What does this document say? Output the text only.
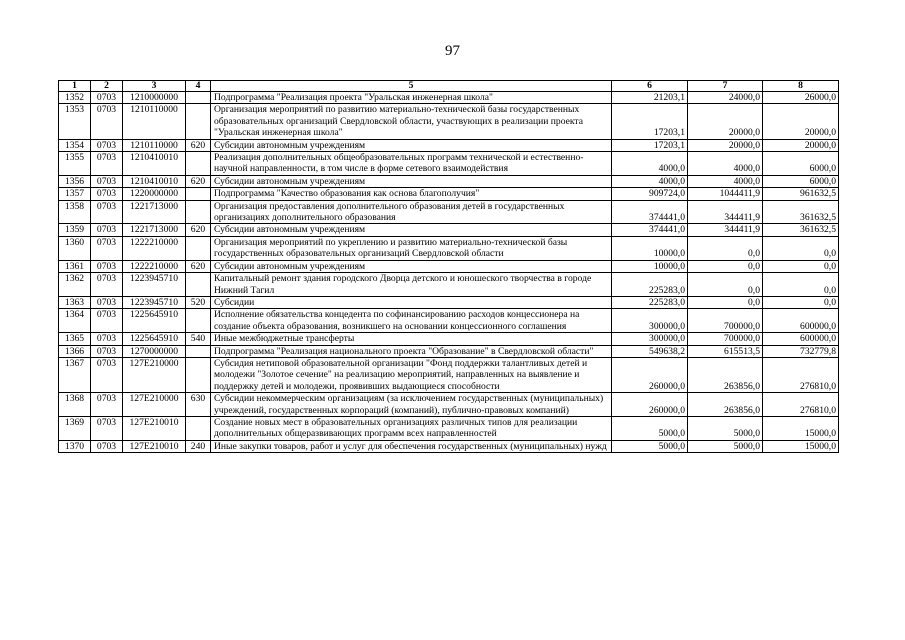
97
1	2	3	4	5	6	7	8
1352	0703	1210000000		Подпрограмма "Реализация проекта "Уральская инженерная школа"	21203,1	24000,0	26000,0
1353	0703	1210110000		Организация мероприятий по развитию материально-технической базы государственных образовательных организаций Свердловской области, участвующих в реализации проекта "Уральская инженерная школа"	17203,1	20000,0	20000,0
1354	0703	1210110000	620	Субсидии автономным учреждениям	17203,1	20000,0	20000,0
1355	0703	1210410010		Реализация дополнительных общеобразовательных программ технической и естественно-научной направленности, в том числе в форме сетевого взаимодействия	4000,0	4000,0	6000,0
1356	0703	1210410010	620	Субсидии автономным учреждениям	4000,0	4000,0	6000,0
1357	0703	1220000000		Подпрограмма "Качество образования как основа благополучия"	909724,0	1044411,9	961632,5
1358	0703	1221713000		Организация предоставления дополнительного образования детей в государственных организациях дополнительного образования	374441,0	344411,9	361632,5
1359	0703	1221713000	620	Субсидии автономным учреждениям	374441,0	344411,9	361632,5
1360	0703	1222210000		Организация мероприятий по укреплению и развитию материально-технической базы государственных образовательных организаций Свердловской области	10000,0	0,0	0,0
1361	0703	1222210000	620	Субсидии автономным учреждениям	10000,0	0,0	0,0
1362	0703	1223945710		Капитальный ремонт здания городского Дворца детского и юношеского творчества в городе Нижний Тагил	225283,0	0,0	0,0
1363	0703	1223945710	520	Субсидии	225283,0	0,0	0,0
1364	0703	1225645910		Исполнение обязательства концедента по софинансированию расходов концессионера на создание объекта образования, возникшего на основании концессионного соглашения	300000,0	700000,0	600000,0
1365	0703	1225645910	540	Иные межбюджетные трансферты	300000,0	700000,0	600000,0
1366	0703	1270000000		Подпрограмма "Реализация национального проекта "Образование" в Свердловской области"	549638,2	615513,5	732779,8
1367	0703	127E210000		Субсидия нетиповой образовательной организации "Фонд поддержки талантливых детей и молодежи "Золотое сечение" на реализацию мероприятий, направленных на выявление и поддержку детей и молодежи, проявивших выдающиеся способности	260000,0	263856,0	276810,0
1368	0703	127E210000	630	Субсидии некоммерческим организациям (за исключением государственных (муниципальных) учреждений, государственных корпораций (компаний), публично-правовых компаний)	260000,0	263856,0	276810,0
1369	0703	127E210010		Создание новых мест в образовательных организациях различных типов для реализации дополнительных общеразвивающих программ всех направленностей	5000,0	5000,0	15000,0
1370	0703	127E210010	240	Иные закупки товаров, работ и услуг для обеспечения государственных (муниципальных) нужд	5000,0	5000,0	15000,0
